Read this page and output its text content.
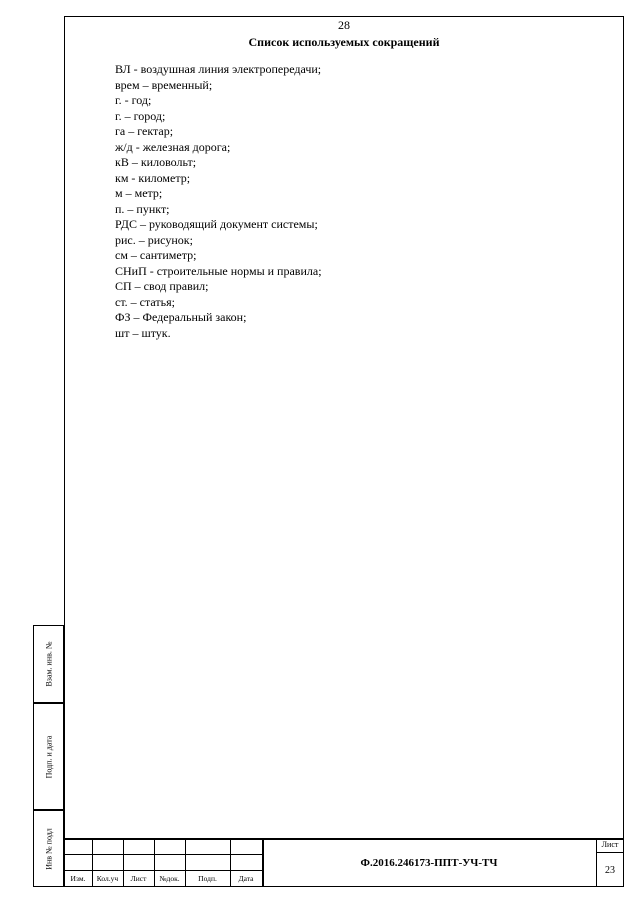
28
Список используемых сокращений
ВЛ - воздушная линия электропередачи;
врем – временный;
г. - год;
г. – город;
га – гектар;
ж/д - железная дорога;
кВ – киловольт;
км - километр;
м – метр;
п. – пункт;
РДС – руководящий документ системы;
рис. – рисунок;
см – сантиметр;
СНиП - строительные нормы и правила;
СП – свод правил;
ст. – статья;
ФЗ – Федеральный закон;
шт – штук.
Взам. инв. №
Подп. и дата
Инв № подл
Изм.	Кол.уч	Лист	№док.	Подп.	Дата
Ф.2016.246173-ППТ-УЧ-ТЧ
Лист
23
